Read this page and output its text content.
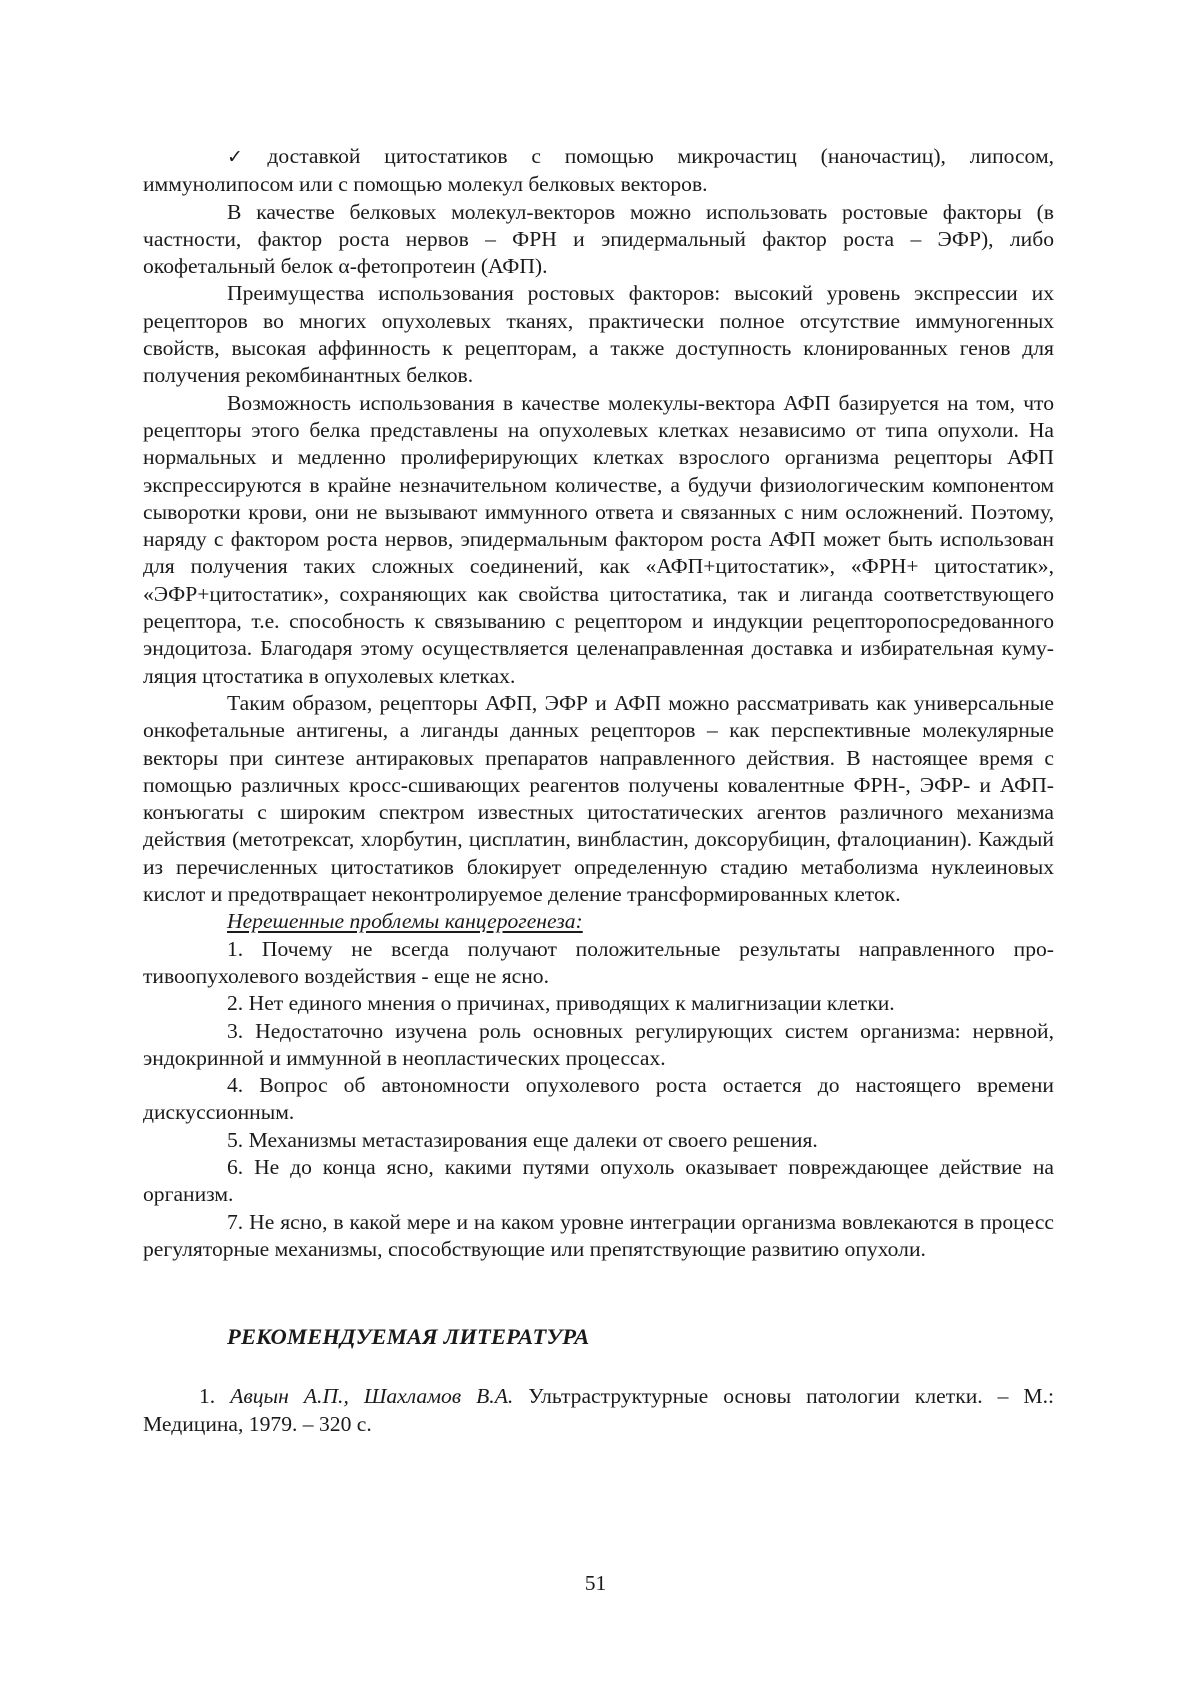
✓ доставкой цитостатиков с помощью микрочастиц (наночастиц), липосом, иммунолипосом или с помощью молекул белковых векторов.

В качестве белковых молекул-векторов можно использовать ростовые факторы (в частности, фактор роста нервов – ФРН и эпидермальный фактор роста – ЭФР), либо окофетальный белок α-фетопротеин (АФП).

Преимущества использования ростовых факторов: высокий уровень экспрессии их рецепторов во многих опухолевых тканях, практически полное отсутствие иммуногенных свойств, высокая аффинность к рецепторам, а также доступность клонированных генов для получения рекомбинантных белков.

Возможность использования в качестве молекулы-вектора АФП базируется на том, что рецепторы этого белка представлены на опухолевых клетках независимо от типа опухоли. На нормальных и медленно пролиферирующих клетках взрослого организма рецепторы АФП экспрессируются в крайне незначительном количестве, а будучи физиологическим компонентом сыворотки крови, они не вызывают иммунного ответа и связанных с ним осложнений. Поэтому, наряду с фактором роста нервов, эпидермальным фактором роста АФП может быть использован для получения таких сложных соединений, как «АФП+цитостатик», «ФРН+ цитостатик», «ЭФР+цитостатик», сохраняющих как свойства цитостатика, так и лиганда соответствующего рецептора, т.е. способность к связыванию с рецептором и индукции рецепторопосредованного эндоцитоза. Благодаря этому осуществляется целенаправленная доставка и избирательная кумуляция цтостатика в опухолевых клетках.

Таким образом, рецепторы АФП, ЭФР и АФП можно рассматривать как универсальные онкофетальные антигены, а лиганды данных рецепторов – как перспективные молекулярные векторы при синтезе антираковых препаратов направленного действия. В настоящее время с помощью различных кросс-сшивающих реагентов получены ковалентные ФРН-, ЭФР- и АФП-конъюгаты с широким спектром известных цитостатических агентов различного механизма действия (метотрексат, хлорбутин, цисплатин, винбластин, доксорубицин, фталоцианин). Каждый из перечисленных цитостатиков блокирует определенную стадию метаболизма нуклеиновых кислот и предотвращает неконтролируемое деление трансформированных клеток.

Нерешенные проблемы канцерогенеза:

1. Почему не всегда получают положительные результаты направленного противоопухолевого воздействия - еще не ясно.

2. Нет единого мнения о причинах, приводящих к малигнизации клетки.

3. Недостаточно изучена роль основных регулирующих систем организма: нервной, эндокринной и иммунной в неопластических процессах.

4. Вопрос об автономности опухолевого роста остается до настоящего времени дискуссионным.

5. Механизмы метастазирования еще далеки от своего решения.

6. Не до конца ясно, какими путями опухоль оказывает повреждающее действие на организм.

7. Не ясно, в какой мере и на каком уровне интеграции организма вовлекаются в процесс регуляторные механизмы, способствующие или препятствующие развитию опухоли.

РЕКОМЕНДУЕМАЯ ЛИТЕРАТУРА

1. Авцын А.П., Шахламов В.А. Ультраструктурные основы патологии клетки. – М.: Медицина, 1979. – 320 с.

51
